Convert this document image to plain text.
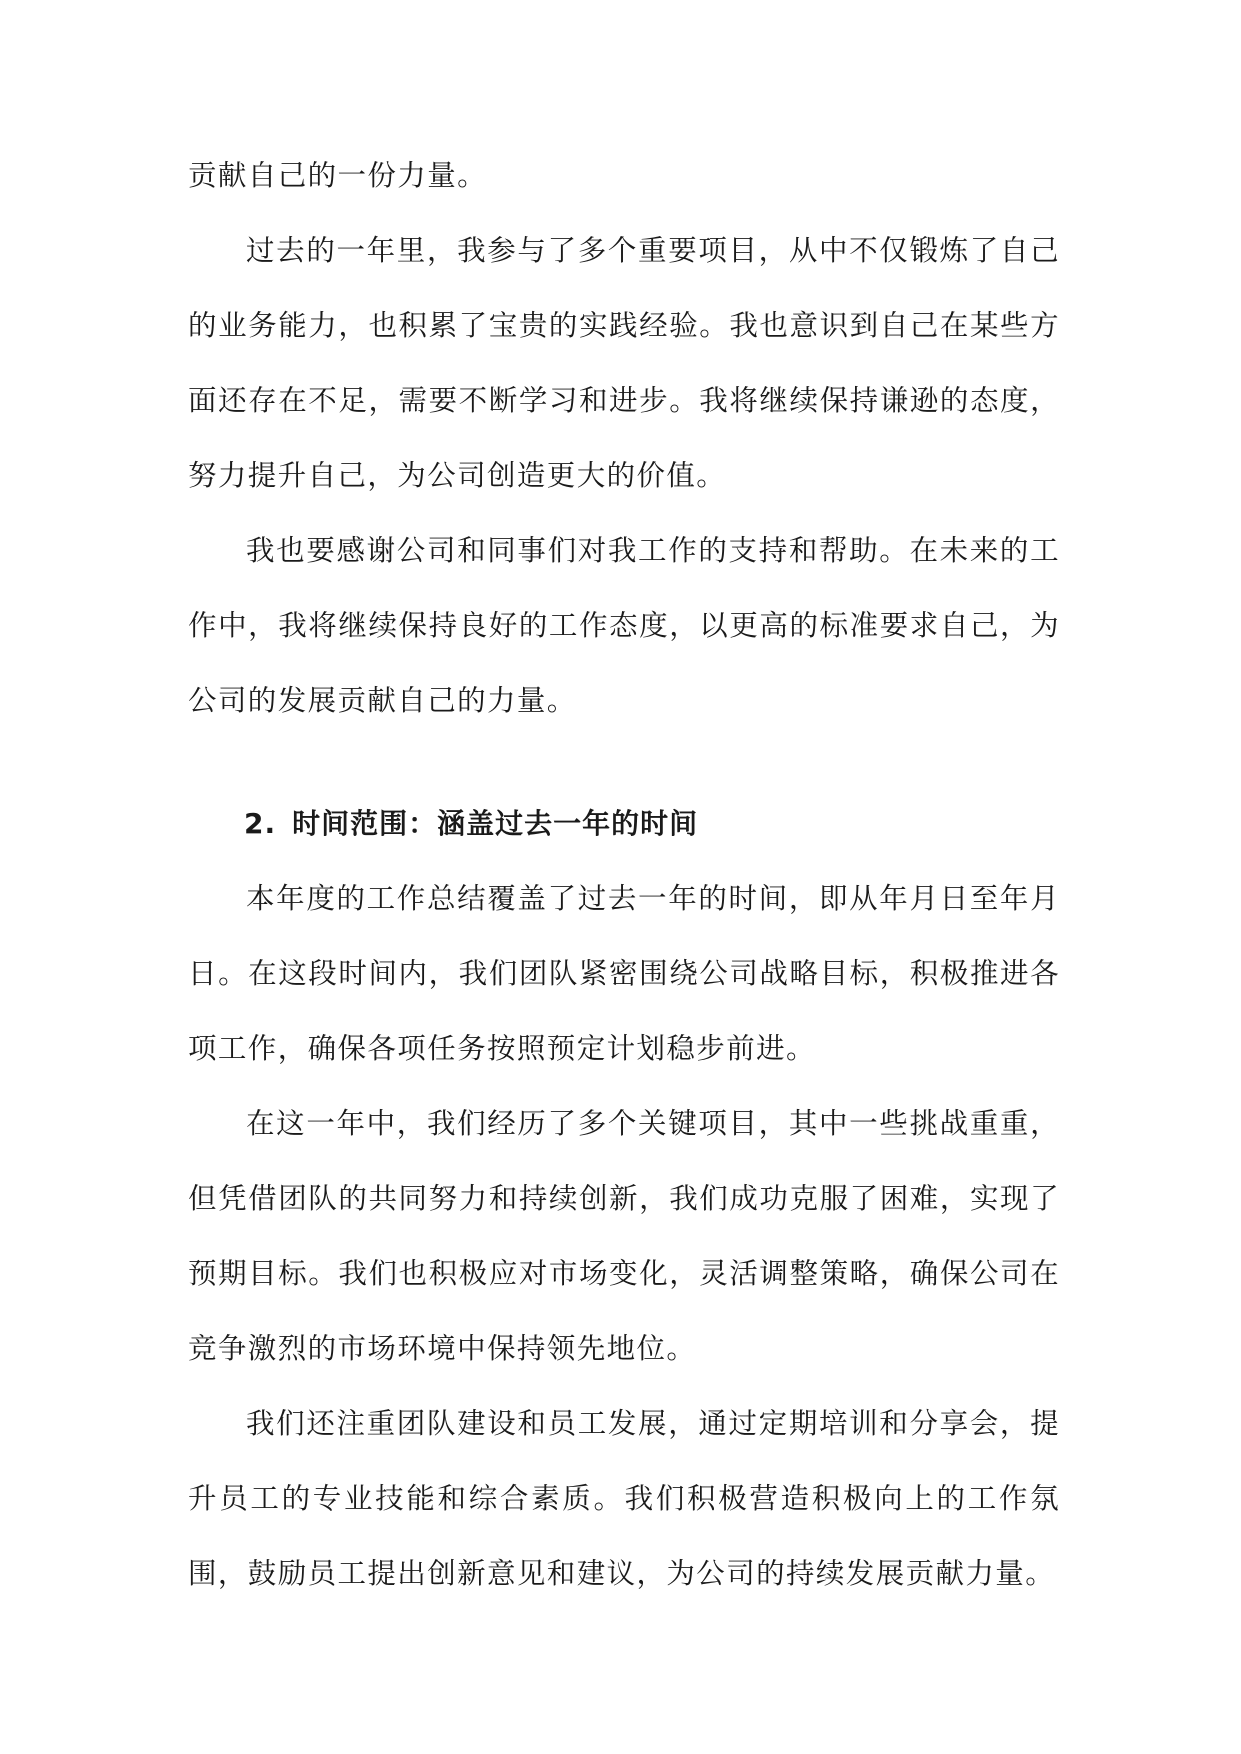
贡献自己的一份力量。

过去的一年里，我参与了多个重要项目，从中不仅锻炼了自己的业务能力，也积累了宝贵的实践经验。我也意识到自己在某些方面还存在不足，需要不断学习和进步。我将继续保持谦逊的态度，努力提升自己，为公司创造更大的价值。

我也要感谢公司和同事们对我工作的支持和帮助。在未来的工作中，我将继续保持良好的工作态度，以更高的标准要求自己，为公司的发展贡献自己的力量。

2. 时间范围：涵盖过去一年的时间

本年度的工作总结覆盖了过去一年的时间，即从年月日至年月日。在这段时间内，我们团队紧密围绕公司战略目标，积极推进各项工作，确保各项任务按照预定计划稳步前进。

在这一年中，我们经历了多个关键项目，其中一些挑战重重，但凭借团队的共同努力和持续创新，我们成功克服了困难，实现了预期目标。我们也积极应对市场变化，灵活调整策略，确保公司在竞争激烈的市场环境中保持领先地位。

我们还注重团队建设和员工发展，通过定期培训和分享会，提升员工的专业技能和综合素质。我们积极营造积极向上的工作氛围，鼓励员工提出创新意见和建议，为公司的持续发展贡献力量。
